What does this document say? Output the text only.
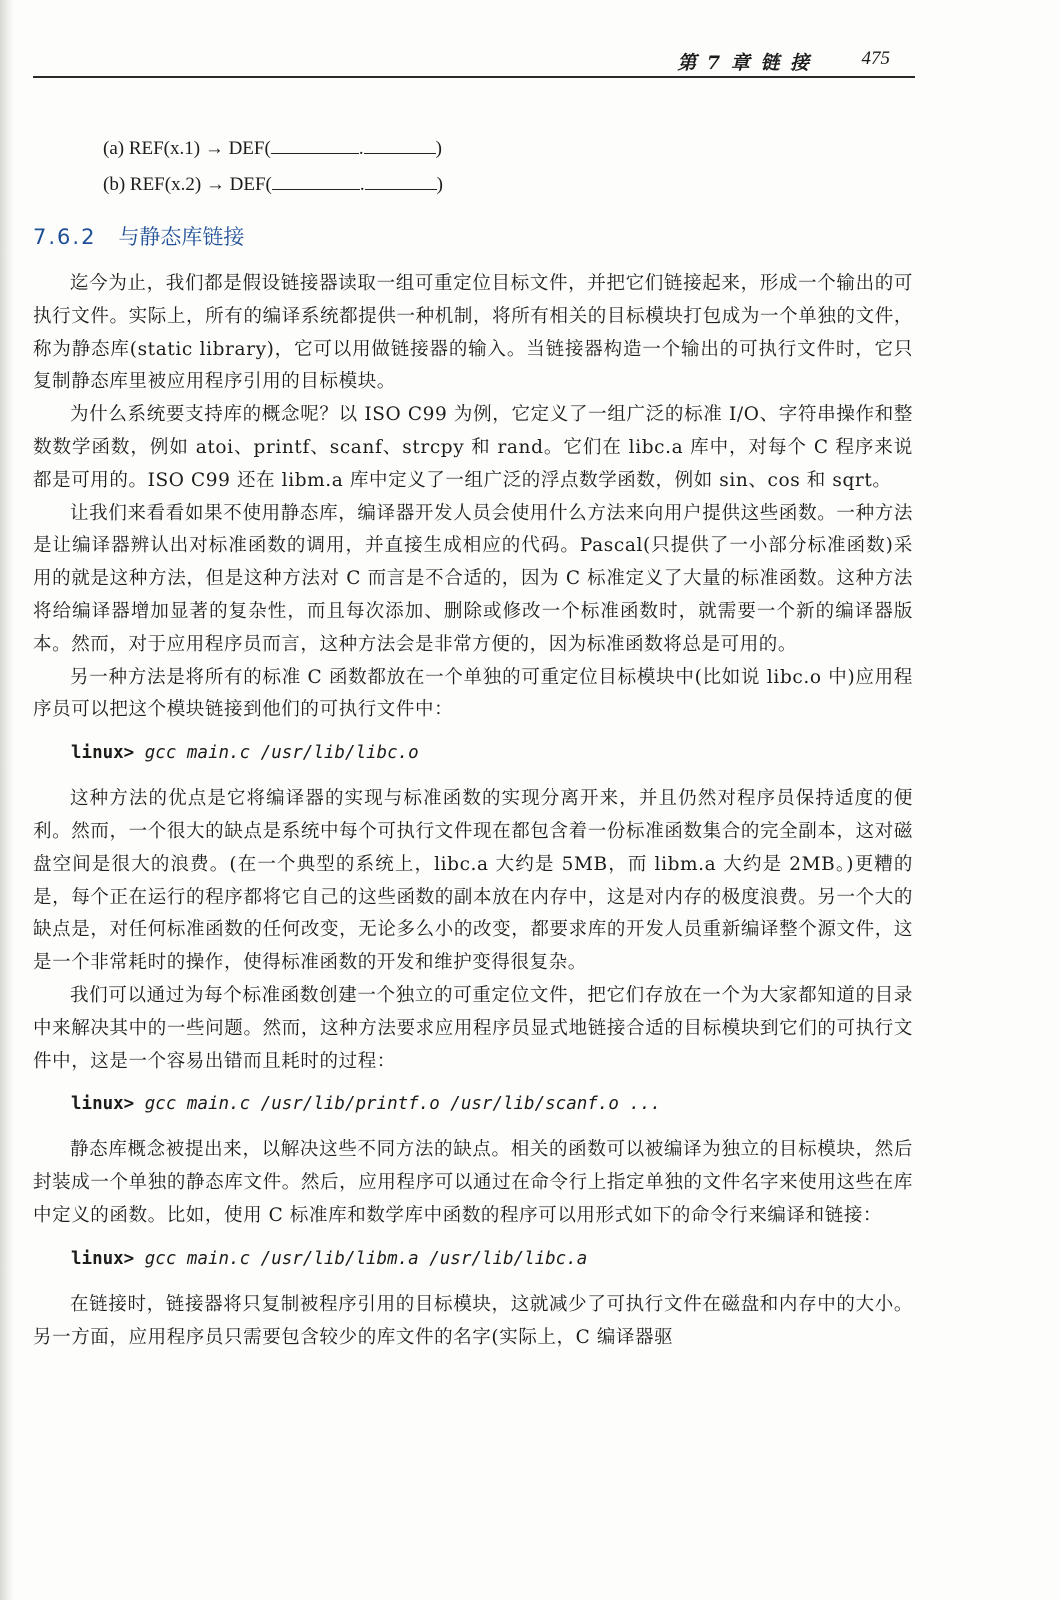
第 7 章 链 接	475
(a) REF(x.1) → DEF(	.	)
(b) REF(x.2) → DEF(	.	)
7.6.2 与静态库链接

迄今为止，我们都是假设链接器读取一组可重定位目标文件，并把它们链接起来，形成一个输出的可执行文件。实际上，所有的编译系统都提供一种机制，将所有相关的目标模块打包成为一个单独的文件，称为静态库(static library)，它可以用做链接器的输入。当链接器构造一个输出的可执行文件时，它只复制静态库里被应用程序引用的目标模块。

为什么系统要支持库的概念呢？以 ISO C99 为例，它定义了一组广泛的标准 I/O、字符串操作和整数数学函数，例如 atoi、printf、scanf、strcpy 和 rand。它们在 libc.a 库中，对每个 C 程序来说都是可用的。ISO C99 还在 libm.a 库中定义了一组广泛的浮点数学函数，例如 sin、cos 和 sqrt。

让我们来看看如果不使用静态库，编译器开发人员会使用什么方法来向用户提供这些函数。一种方法是让编译器辨认出对标准函数的调用，并直接生成相应的代码。Pascal(只提供了一小部分标准函数)采用的就是这种方法，但是这种方法对 C 而言是不合适的，因为 C 标准定义了大量的标准函数。这种方法将给编译器增加显著的复杂性，而且每次添加、删除或修改一个标准函数时，就需要一个新的编译器版本。然而，对于应用程序员而言，这种方法会是非常方便的，因为标准函数将总是可用的。

另一种方法是将所有的标准 C 函数都放在一个单独的可重定位目标模块中(比如说 libc.o 中)应用程序员可以把这个模块链接到他们的可执行文件中：

linux> gcc main.c /usr/lib/libc.o

这种方法的优点是它将编译器的实现与标准函数的实现分离开来，并且仍然对程序员保持适度的便利。然而，一个很大的缺点是系统中每个可执行文件现在都包含着一份标准函数集合的完全副本，这对磁盘空间是很大的浪费。(在一个典型的系统上，libc.a 大约是 5MB，而 libm.a 大约是 2MB。)更糟的是，每个正在运行的程序都将它自己的这些函数的副本放在内存中，这是对内存的极度浪费。另一个大的缺点是，对任何标准函数的任何改变，无论多么小的改变，都要求库的开发人员重新编译整个源文件，这是一个非常耗时的操作，使得标准函数的开发和维护变得很复杂。

我们可以通过为每个标准函数创建一个独立的可重定位文件，把它们存放在一个为大家都知道的目录中来解决其中的一些问题。然而，这种方法要求应用程序员显式地链接合适的目标模块到它们的可执行文件中，这是一个容易出错而且耗时的过程：

linux> gcc main.c /usr/lib/printf.o /usr/lib/scanf.o ...

静态库概念被提出来，以解决这些不同方法的缺点。相关的函数可以被编译为独立的目标模块，然后封装成一个单独的静态库文件。然后，应用程序可以通过在命令行上指定单独的文件名字来使用这些在库中定义的函数。比如，使用 C 标准库和数学库中函数的程序可以用形式如下的命令行来编译和链接：

linux> gcc main.c /usr/lib/libm.a /usr/lib/libc.a

在链接时，链接器将只复制被程序引用的目标模块，这就减少了可执行文件在磁盘和内存中的大小。另一方面，应用程序员只需要包含较少的库文件的名字(实际上，C 编译器驱
